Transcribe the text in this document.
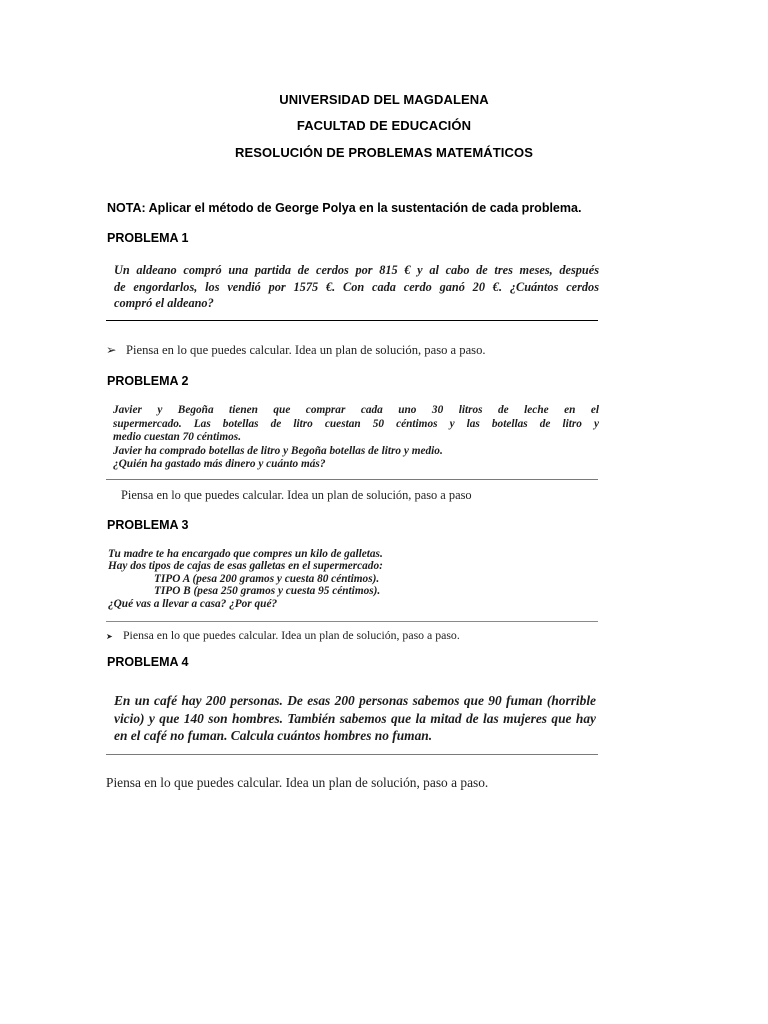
UNIVERSIDAD DEL MAGDALENA
FACULTAD DE EDUCACIÓN
RESOLUCIÓN DE PROBLEMAS MATEMÁTICOS
NOTA: Aplicar el método de George Polya en la sustentación de cada problema.
PROBLEMA 1
Un aldeano compró una partida de cerdos por 815 € y al cabo de tres meses, después
de engordarlos, los vendió por 1575 €. Con cada cerdo ganó 20 €. ¿Cuántos cerdos
compró el aldeano?
➢ Piensa en lo que puedes calcular. Idea un plan de solución, paso a paso.
PROBLEMA 2
Javier y Begoña tienen que comprar cada uno 30 litros de leche en el
supermercado. Las botellas de litro cuestan 50 céntimos y las botellas de litro y
medio cuestan 70 céntimos.
Javier ha comprado botellas de litro y Begoña botellas de litro y medio.
¿Quién ha gastado más dinero y cuánto más?
Piensa en lo que puedes calcular. Idea un plan de solución, paso a paso
PROBLEMA 3
Tu madre te ha encargado que compres un kilo de galletas.
Hay dos tipos de cajas de esas galletas en el supermercado:
TIPO A (pesa 200 gramos y cuesta 80 céntimos).
TIPO B (pesa 250 gramos y cuesta 95 céntimos).
¿Qué vas a llevar a casa? ¿Por qué?
➤ Piensa en lo que puedes calcular. Idea un plan de solución, paso a paso.
PROBLEMA 4
En un café hay 200 personas. De esas 200 personas sabemos que 90 fuman (horrible
vicio) y que 140 son hombres. También sabemos que la mitad de las mujeres que hay
en el café no fuman. Calcula cuántos hombres no fuman.
Piensa en lo que puedes calcular. Idea un plan de solución, paso a paso.
